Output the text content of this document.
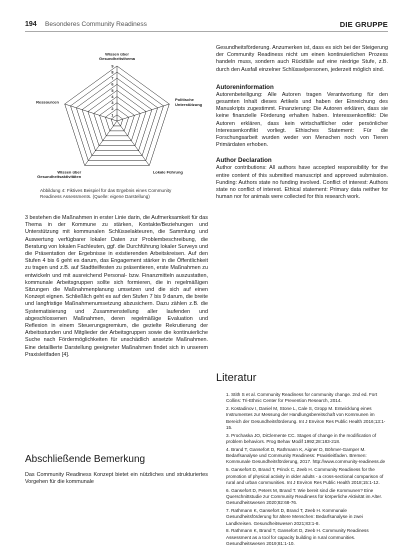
194 Besonderes Community Readiness	DIE GRUPPE
1
2
3
4
5
6
7
8
9
Wissen über Gesundheitsthema
Politische Unterstützung
Lokale Führung
Wissen über Gesundheitsaktivitäten
Ressourcen
Abbildung 4: Fiktives Beispiel für das Ergebnis eines Community Readiness Assessments. (Quelle: eigene Darstellung)

3 bestehen die Maßnahmen in erster Linie darin, die Aufmerksamkeit für das Thema in der Kommune zu stärken, Kontakte/Beziehungen und Unterstützung mit kommunalen Schlüsselakteuren, die Sammlung und Auswertung verfügbarer lokaler Daten zur Problembeschreibung, die Beratung von lokalen Fachleuten, ggf. die Durchführung lokaler Surveys und die Präsentation der Ergebnisse in existierenden Arbeitskreisen. Auf den Stufen 4 bis 6 geht es darum, das Engagement stärker in die Öffentlichkeit zu tragen und z.B. auf Stadtteilfesten zu präsentieren, erste Maßnahmen zu entwickeln und mit ausreichend Personal- bzw. Finanzmitteln auszustatten, kommunale Arbeitsgruppen sollte sich formieren, die in regelmäßigen Sitzungen die Maßnahmenplanung umsetzen und die sich auf einen Konzept eignen. Schließlich geht es auf den Stufen 7 bis 9 darum, die breite und langfristige Maßnahmenumsetzung abzusichern. Dazu zählen z.B. die Systematisierung und Zusammenstellung aller laufenden und abgeschlossenen Maßnahmen, deren regelmäßige Evaluation und Reflexion in einem Steuerungsgremium, die gezielte Rekrutierung der Arbeitsstunden und Mitglieder der Arbeitsgruppen sowie die kontinuierliche Suche nach Fördermöglichkeiten für unschädlich ansetzte Maßnahmen. Eine detaillierte Darstellung geeigneter Maßnahmen findet sich in unserem Praxisleitfaden [4].

Abschließende Bemerkung

Das Community Readiness Konzept bietet ein nützliches und strukturiertes Vorgehen für die kommunale

Gesundheitsförderung. Anzumerken ist, dass es sich bei der Steigerung der Community Readiness nicht um einen kontinuierlichen Prozess handeln muss, sondern auch Rückfälle auf eine niedrige Stufe, z.B. durch den Ausfall einzelner Schlüsselpersonen, jederzeit möglich sind.

Autoreninformation

Autorenbeteiligung: Alle Autoren tragen Verantwortung für den gesamten Inhalt dieses Artikels und haben der Einreichung des Manuskripts zugestimmt. Finanzierung: Die Autoren erklären, dass sie keine finanzielle Förderung erhalten haben. Interessenkonflikt: Die Autoren erklären, dass kein wirtschaftlicher oder persönlicher Interessenkonflikt vorliegt. Ethisches Statement: Für die Forschungsarbeit wurden weder von Menschen noch von Tieren Primärdaten erhoben.

Author Declaration

Author contributions: All authors have accepted responsibility for the entire content of this submitted manuscript and approved submission. Funding: Authors state no funding involved. Conflict of interest: Authors state no conflict of interest. Ethical statement: Primary data neither for human nor for animals were collected for this research work.

Literatur
1. Stith S et al. Community Readiness for community change. 2nd ed. Fort Collins: Tri-Ethnic Center for Prevention Research, 2014.
2. Kostadinov I, Daniel M, Stone L, Cale S, Gropp M. Entwicklung eines Instrumentes zur Messung der Handlungsbereitschaft von Kommunen im Bereich der Gesundheitsförderung. Int J Environ Res Public Health 2016;13:1-15.
3. Prochaska JO, DiClemente CC. Stages of change in the modification of problem behaviors. Prog Behav Modif 1992;28:183-218.
4. Brand T, Gansefort D, Rathmann K, Aigner D, Böhmer-Gamper M. Bedarfsanalyse und Community Readiness: Praxisleitfaden. Bremen: Kommunale Gesundheitsförderung, 2017. http://www.community-readiness.de
5. Gansefort D, Brand T, Princk C, Zeeb H. Community Readiness for the promotion of physical activity in older adults - a cross-sectional comparison of rural and urban communities. Int J Environ Res Public Health 2018;15:1-12.
6. Gansefort D, Peters M, Brand T. Wie bereit sind die Kommunen? Eine Querschnittstudie zur Community Readiness für körperliche Aktivität im Alter. Gesundheitswesen 2020;82:68-76.
7. Rathmann K, Gansefort D, Brand T, Zeeb H. Kommunale Gesundheitsförderung für ältere Menschen: Bedarfsanalyse in zwei Landkreisen. Gesundheitswesen 2021;83:1-8.
8. Rathmann K, Brand T, Gansefort D, Zeeb H. Community Readiness Assessment as a tool for capacity building in rural communities. Gesundheitswesen 2019;81:1-10.
